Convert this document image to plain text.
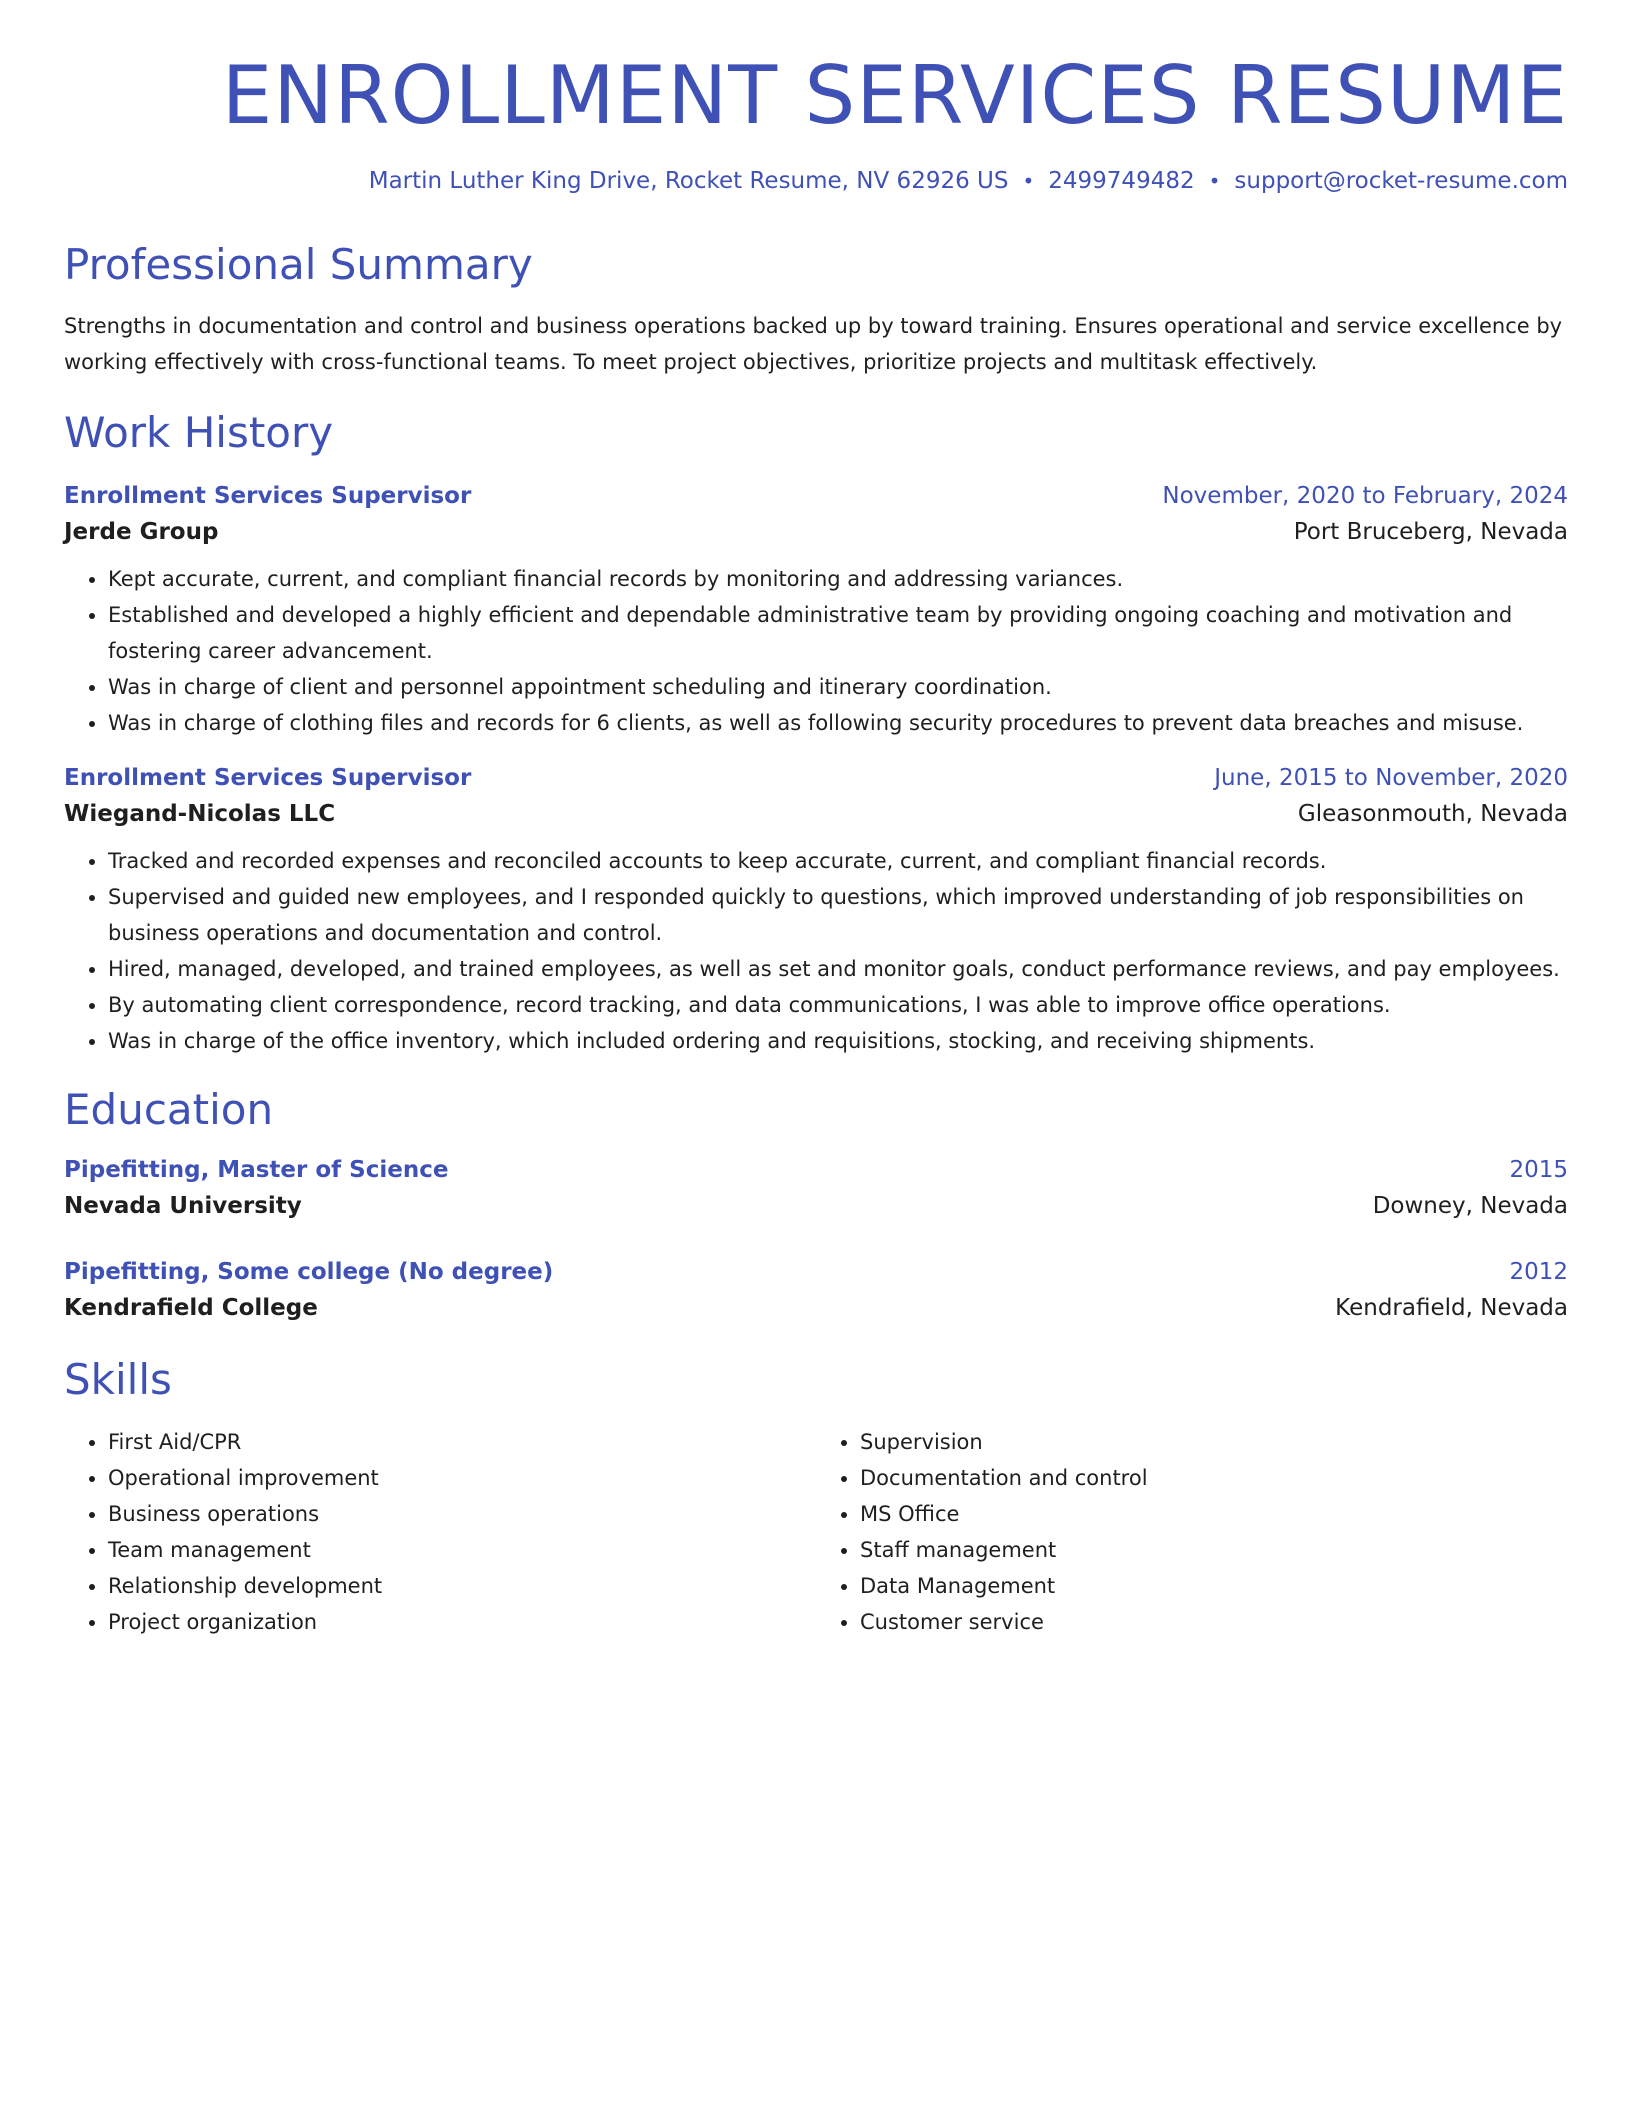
ENROLLMENT SERVICES RESUME
Martin Luther King Drive, Rocket Resume, NV 62926 US • 2499749482 • support@rocket-resume.com
Professional Summary
Strengths in documentation and control and business operations backed up by toward training. Ensures operational and service excellence by working effectively with cross-functional teams. To meet project objectives, prioritize projects and multitask effectively.
Work History
Enrollment Services Supervisor	November, 2020 to February, 2024
Jerde Group	Port Bruceberg, Nevada
• Kept accurate, current, and compliant financial records by monitoring and addressing variances.
• Established and developed a highly efficient and dependable administrative team by providing ongoing coaching and motivation and fostering career advancement.
• Was in charge of client and personnel appointment scheduling and itinerary coordination.
• Was in charge of clothing files and records for 6 clients, as well as following security procedures to prevent data breaches and misuse.
Enrollment Services Supervisor	June, 2015 to November, 2020
Wiegand-Nicolas LLC	Gleasonmouth, Nevada
• Tracked and recorded expenses and reconciled accounts to keep accurate, current, and compliant financial records.
• Supervised and guided new employees, and I responded quickly to questions, which improved understanding of job responsibilities on business operations and documentation and control.
• Hired, managed, developed, and trained employees, as well as set and monitor goals, conduct performance reviews, and pay employees.
• By automating client correspondence, record tracking, and data communications, I was able to improve office operations.
• Was in charge of the office inventory, which included ordering and requisitions, stocking, and receiving shipments.
Education
Pipefitting, Master of Science	2015
Nevada University	Downey, Nevada
Pipefitting, Some college (No degree)	2012
Kendrafield College	Kendrafield, Nevada
Skills
• First Aid/CPR
• Operational improvement
• Business operations
• Team management
• Relationship development
• Project organization
• Supervision
• Documentation and control
• MS Office
• Staff management
• Data Management
• Customer service
